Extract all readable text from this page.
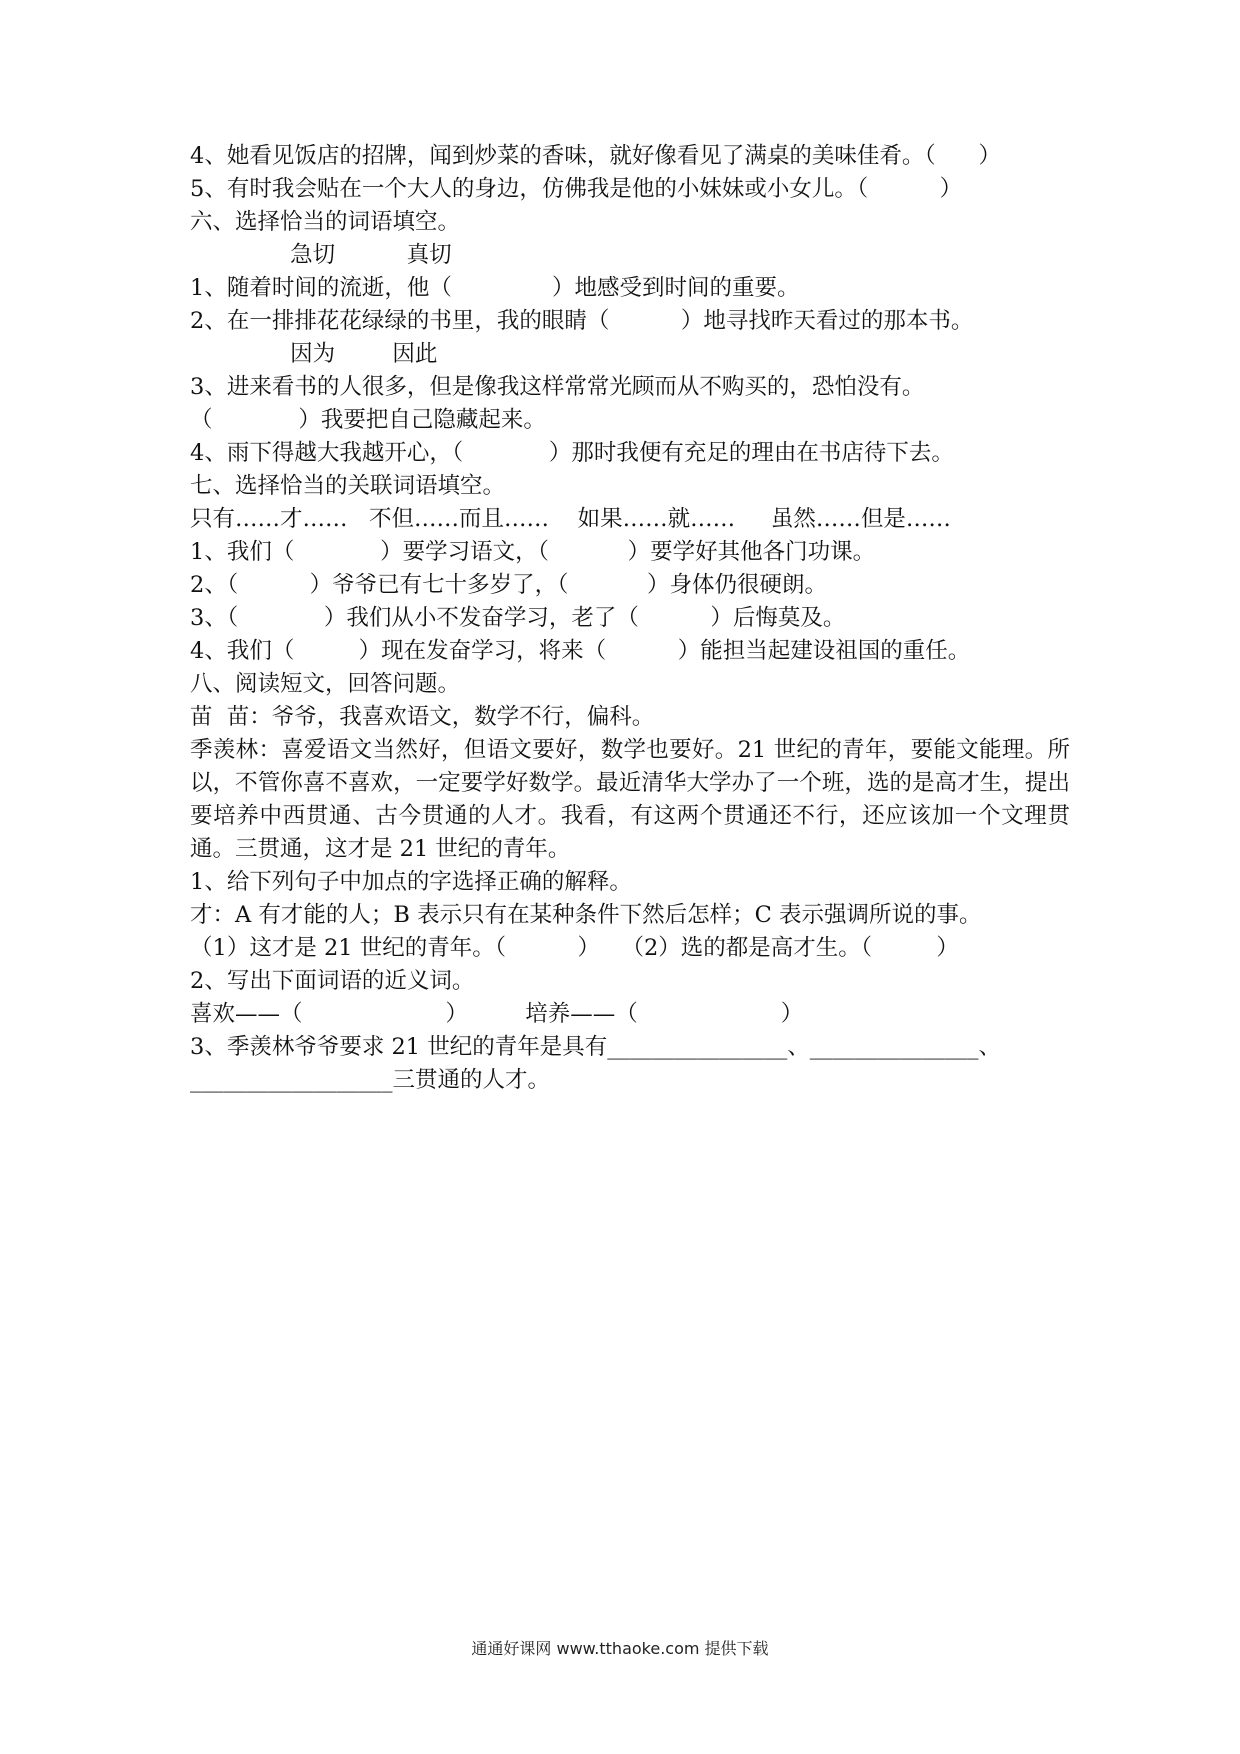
4、她看见饭店的招牌，闻到炒菜的香味，就好像看见了满桌的美味佳肴。（      ）
5、有时我会贴在一个大人的身边，仿佛我是他的小妹妹或小女儿。（          ）
六、选择恰当的词语填空。
急切          真切
1、随着时间的流逝，他（              ）地感受到时间的重要。
2、在一排排花花绿绿的书里，我的眼睛（          ）地寻找昨天看过的那本书。
因为        因此
3、进来看书的人很多，但是像我这样常常光顾而从不购买的，恐怕没有。
（            ）我要把自己隐藏起来。
4、雨下得越大我越开心，（            ）那时我便有充足的理由在书店待下去。
七、选择恰当的关联词语填空。
只有……才……   不但……而且……    如果……就……     虽然……但是……
1、我们（            ）要学习语文，（           ）要学好其他各门功课。
2、（          ）爷爷已有七十多岁了，（           ）身体仍很硬朗。
3、（            ）我们从小不发奋学习，老了（          ）后悔莫及。
4、我们（         ）现在发奋学习，将来（          ）能担当起建设祖国的重任。
八、阅读短文，回答问题。
苗  苗：爷爷，我喜欢语文，数学不行，偏科。
季羡林：喜爱语文当然好，但语文要好，数学也要好。21 世纪的青年，要能文能理。所以，不管你喜不喜欢，一定要学好数学。最近清华大学办了一个班，选的是高才生，提出要培养中西贯通、古今贯通的人才。我看，有这两个贯通还不行，还应该加一个文理贯通。三贯通，这才是 21 世纪的青年。
1、给下列句子中加点的字选择正确的解释。
才：A 有才能的人；B 表示只有在某种条件下然后怎样；C 表示强调所说的事。
（1）这才是 21 世纪的青年。（          ）   （2）选的都是高才生。（         ）
2、写出下面词语的近义词。
喜欢——（                    ）        培养——（                    ）
3、季羡林爷爷要求 21 世纪的青年是具有________________、_______________、
__________________三贯通的人才。
通通好课网 www.tthaoke.com 提供下载
